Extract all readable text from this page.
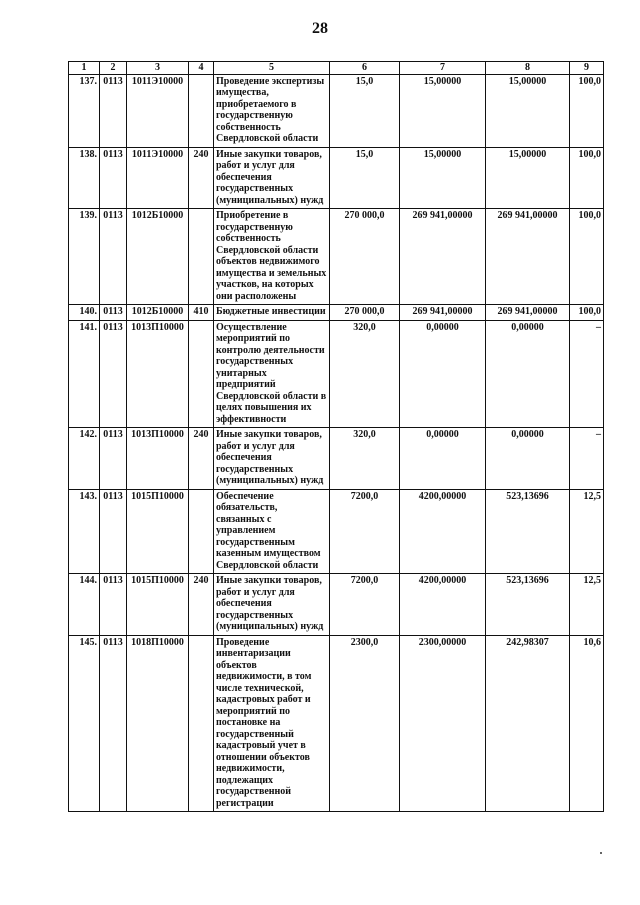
28
1	2	3	4	5	6	7	8	9
137.	0113	1011Э10000		Проведение экспертизы имущества, приобретаемого в государственную собственность Свердловской области	15,0	15,00000	15,00000	100,0
138.	0113	1011Э10000	240	Иные закупки товаров, работ и услуг для обеспечения государственных (муниципальных) нужд	15,0	15,00000	15,00000	100,0
139.	0113	1012Б10000		Приобретение в государственную собственность Свердловской области объектов недвижимого имущества и земельных участков, на которых они расположены	270 000,0	269 941,00000	269 941,00000	100,0
140.	0113	1012Б10000	410	Бюджетные инвестиции	270 000,0	269 941,00000	269 941,00000	100,0
141.	0113	1013П10000		Осуществление мероприятий по контролю деятельности государственных унитарных предприятий Свердловской области в целях повышения их эффективности	320,0	0,00000	0,00000	–
142.	0113	1013П10000	240	Иные закупки товаров, работ и услуг для обеспечения государственных (муниципальных) нужд	320,0	0,00000	0,00000	–
143.	0113	1015П10000		Обеспечение обязательств, связанных с управлением государственным казенным имуществом Свердловской области	7200,0	4200,00000	523,13696	12,5
144.	0113	1015П10000	240	Иные закупки товаров, работ и услуг для обеспечения государственных (муниципальных) нужд	7200,0	4200,00000	523,13696	12,5
145.	0113	1018П10000		Проведение инвентаризации объектов недвижимости, в том числе технической, кадастровых работ и мероприятий по постановке на государственный кадастровый учет в отношении объектов недвижимости, подлежащих государственной регистрации	2300,0	2300,00000	242,98307	10,6
